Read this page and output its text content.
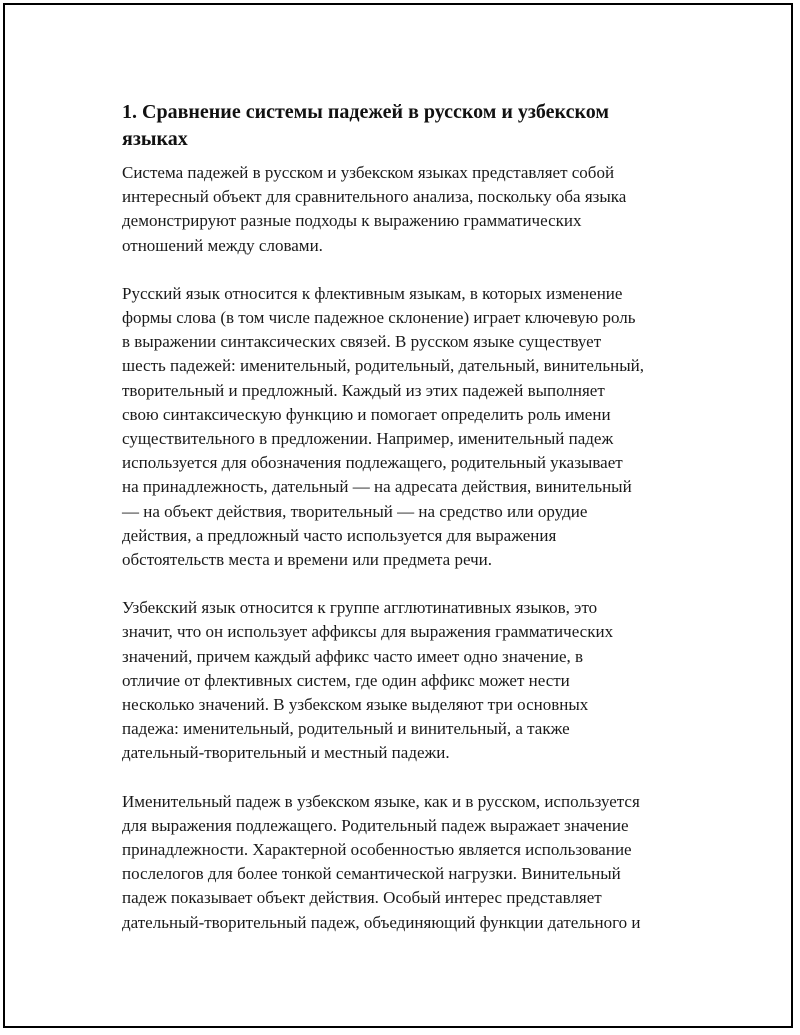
1. Сравнение системы падежей в русском и узбекском
языках
Система падежей в русском и узбекском языках представляет собой
интересный объект для сравнительного анализа, поскольку оба языка
демонстрируют разные подходы к выражению грамматических
отношений между словами.
Русский язык относится к флективным языкам, в которых изменение
формы слова (в том числе падежное склонение) играет ключевую роль
в выражении синтаксических связей. В русском языке существует
шесть падежей: именительный, родительный, дательный, винительный,
творительный и предложный. Каждый из этих падежей выполняет
свою синтаксическую функцию и помогает определить роль имени
существительного в предложении. Например, именительный падеж
используется для обозначения подлежащего, родительный указывает
на принадлежность, дательный — на адресата действия, винительный
— на объект действия, творительный — на средство или орудие
действия, а предложный часто используется для выражения
обстоятельств места и времени или предмета речи.
Узбекский язык относится к группе агглютинативных языков, это
значит, что он использует аффиксы для выражения грамматических
значений, причем каждый аффикс часто имеет одно значение, в
отличие от флективных систем, где один аффикс может нести
несколько значений. В узбекском языке выделяют три основных
падежа: именительный, родительный и винительный, а также
дательный-творительный и местный падежи.
Именительный падеж в узбекском языке, как и в русском, используется
для выражения подлежащего. Родительный падеж выражает значение
принадлежности. Характерной особенностью является использование
послелогов для более тонкой семантической нагрузки. Винительный
падеж показывает объект действия. Особый интерес представляет
дательный-творительный падеж, объединяющий функции дательного и
